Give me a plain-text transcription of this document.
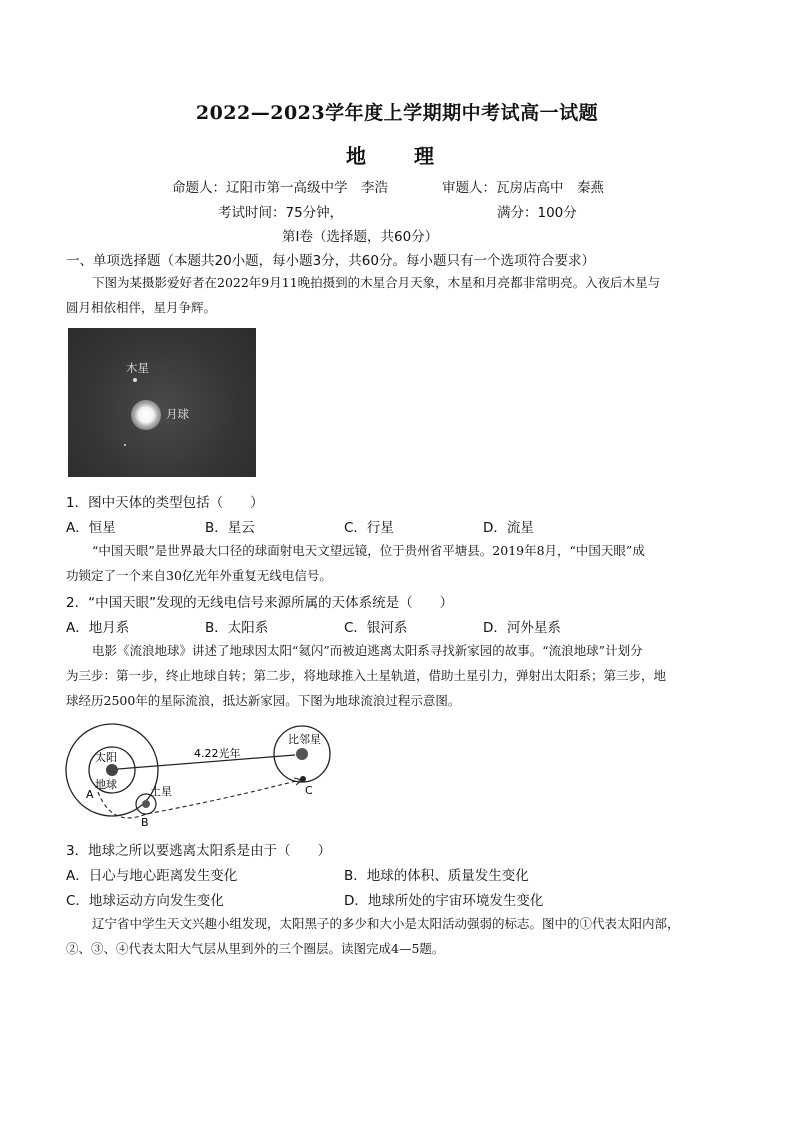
2022—2023学年度上学期期中考试高一试题
地　理
命题人：辽阳市第一高级中学　李浩　　　　审题人：瓦房店高中　秦燕
考试时间：75分钟，	满分：100分
第Ⅰ卷（选择题，共60分）
一、单项选择题（本题共20小题，每小题3分，共60分。每小题只有一个选项符合要求）
下图为某摄影爱好者在2022年9月11晚拍摄到的木星合月天象，木星和月亮都非常明亮。入夜后木星与
圆月相依相伴，星月争辉。
木星
月球
1．图中天体的类型包括（　　）
A．恒星	B．星云	C．行星	D．流星
“中国天眼”是世界最大口径的球面射电天文望远镜，位于贵州省平塘县。2019年8月，“中国天眼”成
功锁定了一个来自30亿光年外重复无线电信号。
2．“中国天眼”发现的无线电信号来源所属的天体系统是（　　）
A．地月系	B．太阳系	C．银河系	D．河外星系
电影《流浪地球》讲述了地球因太阳“氦闪”而被迫逃离太阳系寻找新家园的故事。“流浪地球”计划分
为三步：第一步，终止地球自转；第二步，将地球推入土星轨道，借助土星引力，弹射出太阳系；第三步，地
球经历2500年的星际流浪，抵达新家园。下图为地球流浪过程示意图。
太阳
地球
A	土星
B
比邻星
4.22光年
C
3．地球之所以要逃离太阳系是由于（　　）
A．日心与地心距离发生变化	B．地球的体积、质量发生变化
C．地球运动方向发生变化	D．地球所处的宇宙环境发生变化
辽宁省中学生天文兴趣小组发现，太阳黑子的多少和大小是太阳活动强弱的标志。图中的①代表太阳内部，
②、③、④代表太阳大气层从里到外的三个圈层。读图完成4—5题。
